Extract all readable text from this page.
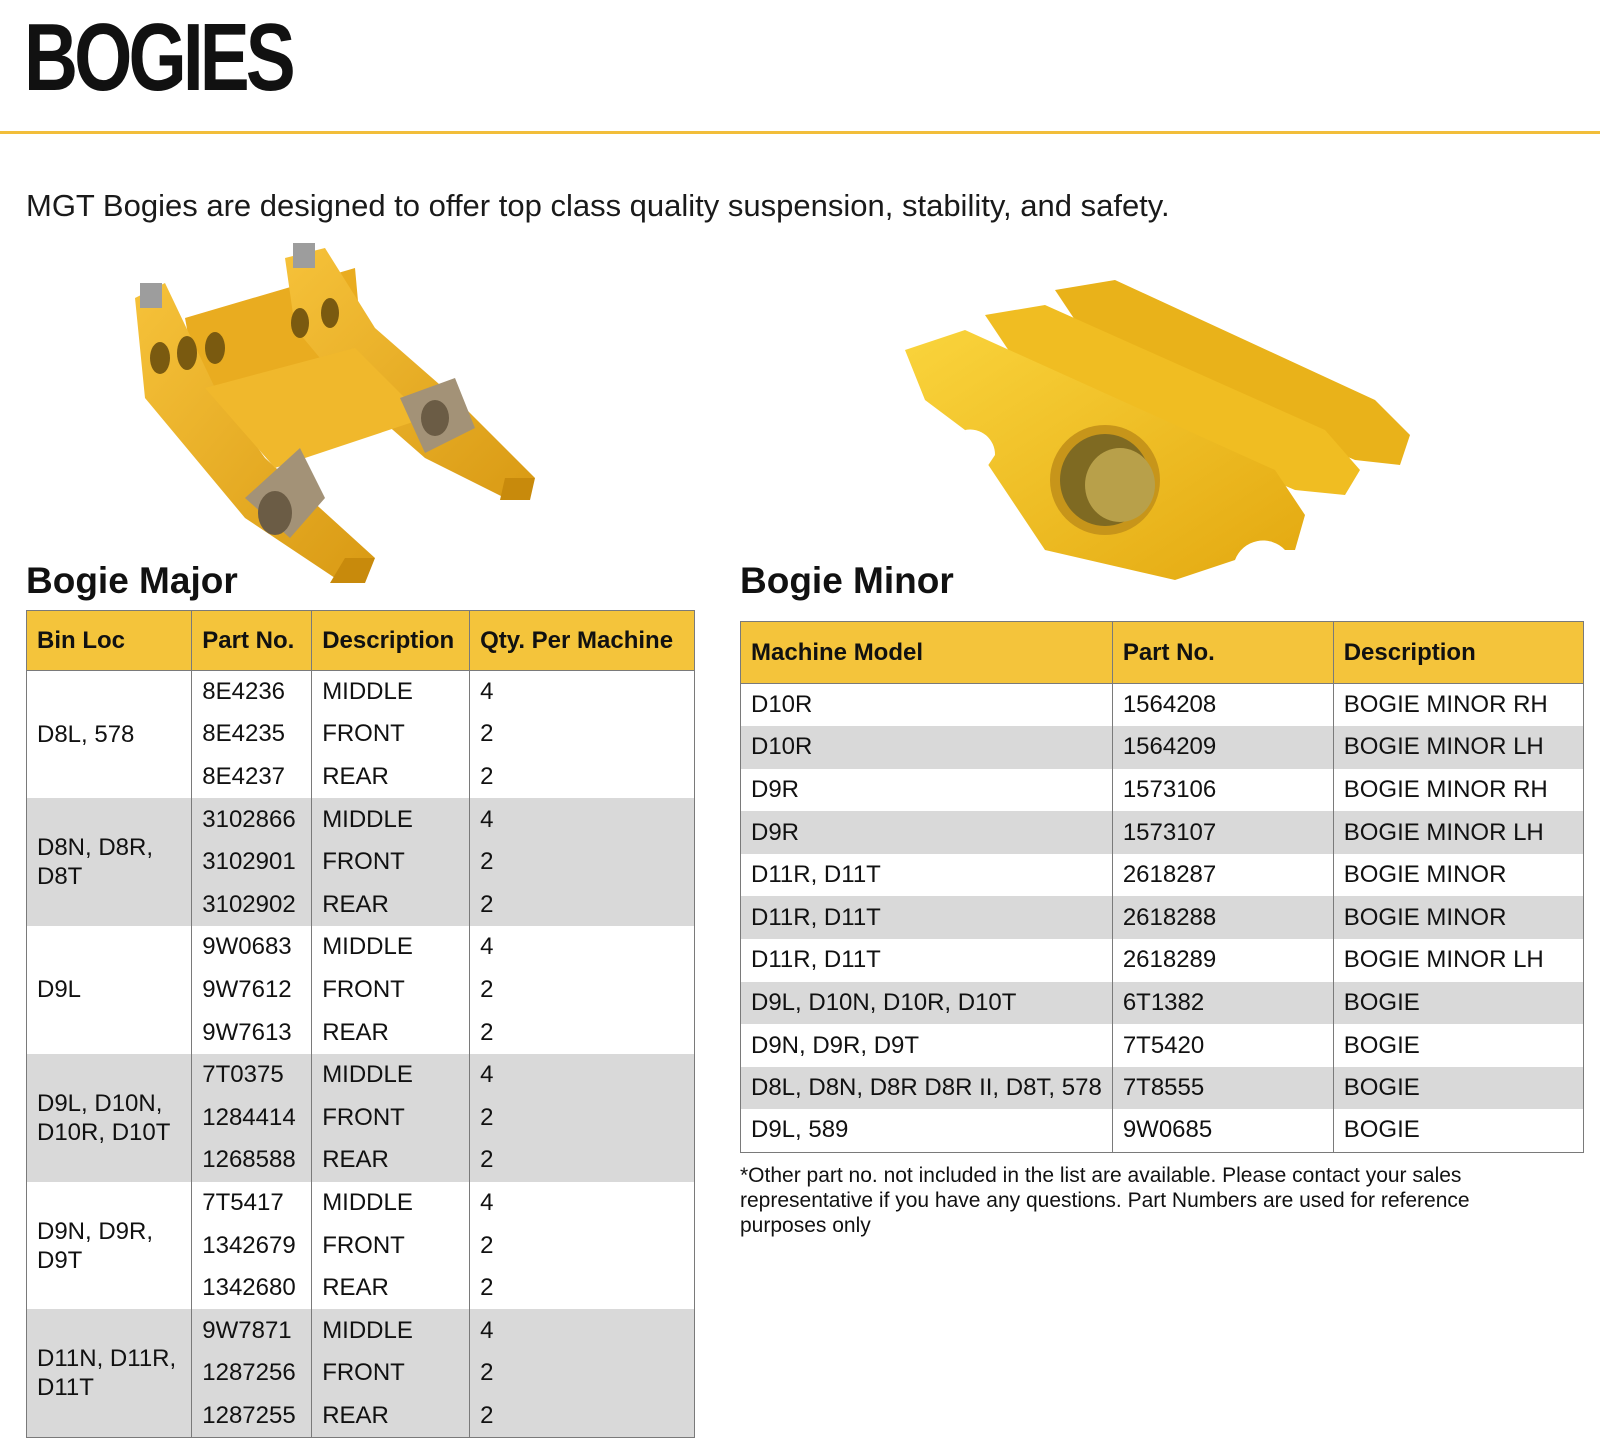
BOGIES
MGT Bogies are designed to offer top class quality suspension, stability, and safety.
Bogie Major
Bin Loc	Part No.	Description	Qty. Per Machine
D8L, 578	8E4236	MIDDLE	4
	8E4235	FRONT	2
	8E4237	REAR	2
D8N, D8R, D8T	3102866	MIDDLE	4
	3102901	FRONT	2
	3102902	REAR	2
D9L	9W0683	MIDDLE	4
	9W7612	FRONT	2
	9W7613	REAR	2
D9L, D10N, D10R, D10T	7T0375	MIDDLE	4
	1284414	FRONT	2
	1268588	REAR	2
D9N, D9R, D9T	7T5417	MIDDLE	4
	1342679	FRONT	2
	1342680	REAR	2
D11N, D11R, D11T	9W7871	MIDDLE	4
	1287256	FRONT	2
	1287255	REAR	2
Bogie Minor
Machine Model	Part No.	Description
D10R	1564208	BOGIE MINOR RH
D10R	1564209	BOGIE MINOR LH
D9R	1573106	BOGIE MINOR RH
D9R	1573107	BOGIE MINOR LH
D11R, D11T	2618287	BOGIE MINOR
D11R, D11T	2618288	BOGIE MINOR
D11R, D11T	2618289	BOGIE MINOR LH
D9L, D10N, D10R, D10T	6T1382	BOGIE
D9N, D9R, D9T	7T5420	BOGIE
D8L, D8N, D8R D8R II, D8T, 578	7T8555	BOGIE
D9L, 589	9W0685	BOGIE
*Other part no. not included in the list are available. Please contact your sales representative if you have any questions. Part Numbers are used for reference purposes only
